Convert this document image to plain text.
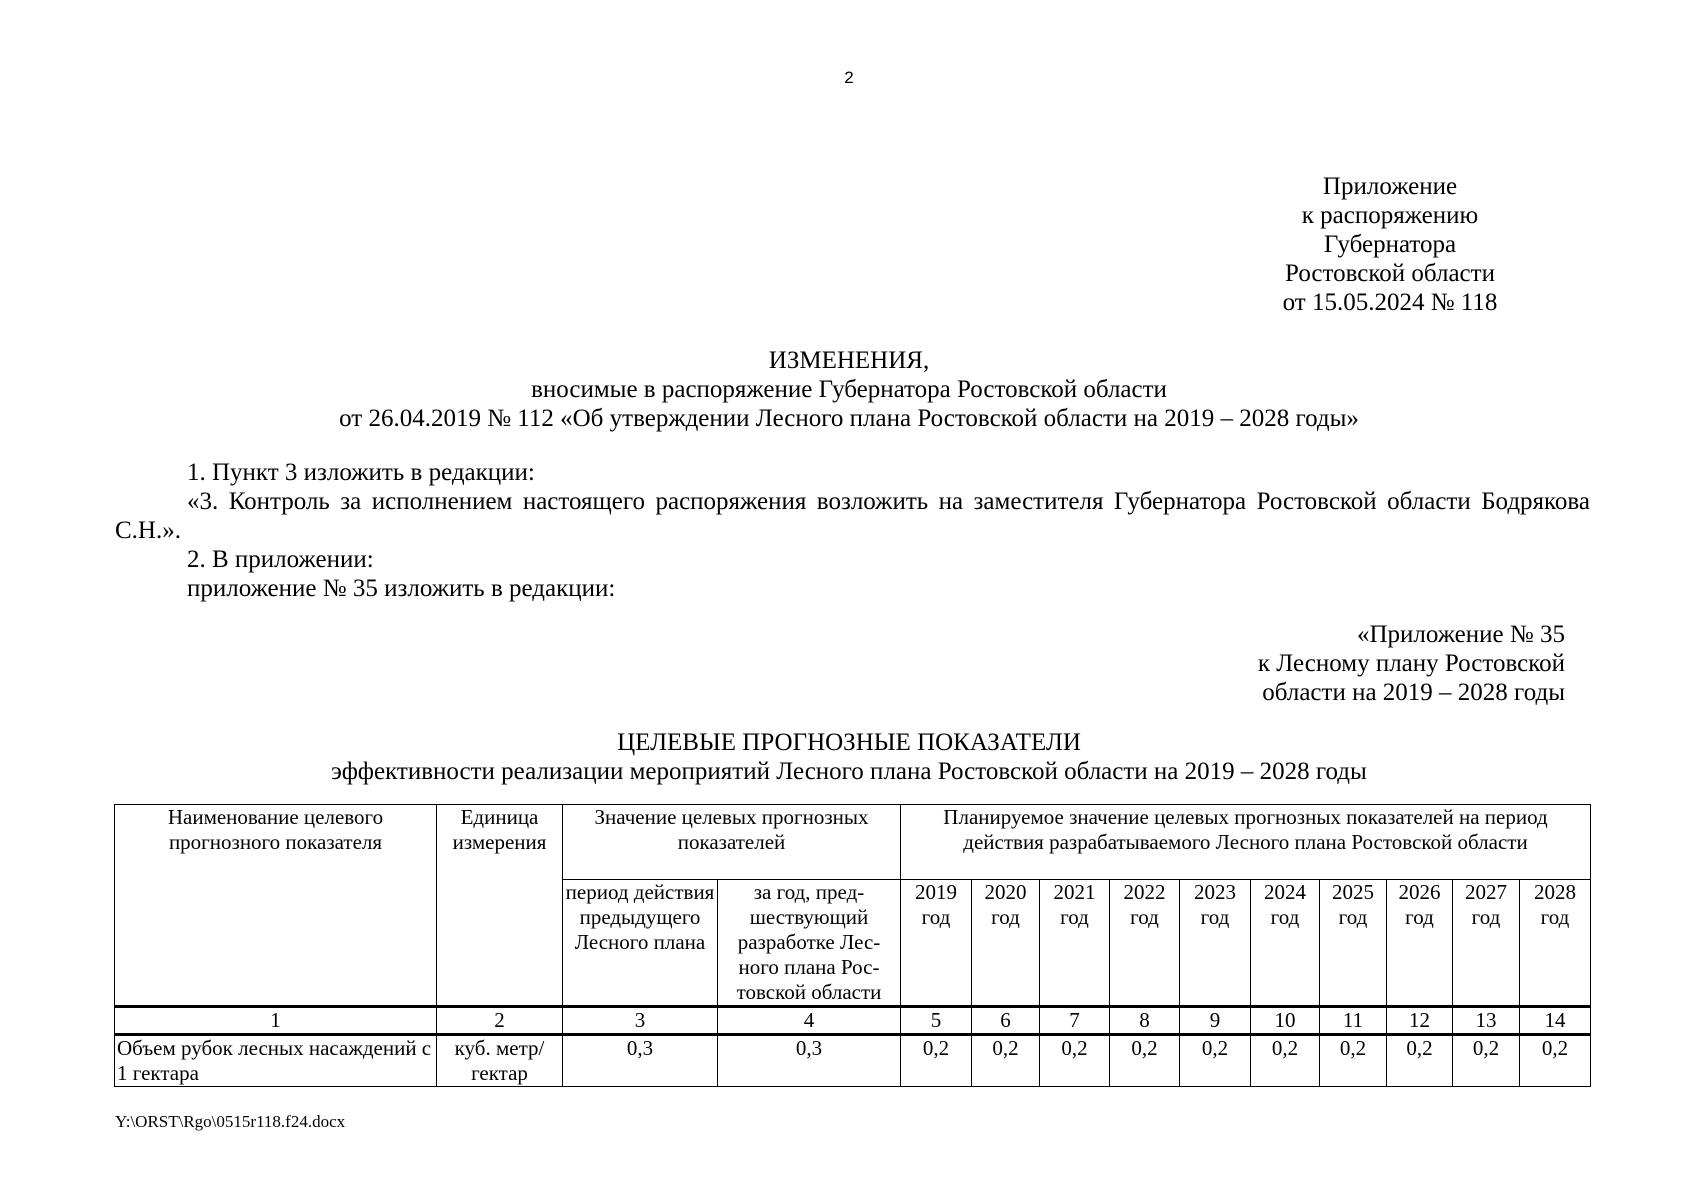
2
Приложение
к распоряжению
Губернатора
Ростовской области
от 15.05.2024 № 118
ИЗМЕНЕНИЯ,
вносимые в распоряжение Губернатора Ростовской области
от 26.04.2019 № 112 «Об утверждении Лесного плана Ростовской области на 2019 – 2028 годы»

1. Пункт 3 изложить в редакции:

«3. Контроль за исполнением настоящего распоряжения возложить на заместителя Губернатора Ростовской области Бодрякова С.Н.».

2. В приложении:

приложение № 35 изложить в редакции:

«Приложение № 35
к Лесному плану Ростовской
области на 2019 – 2028 годы
ЦЕЛЕВЫЕ ПРОГНОЗНЫЕ ПОКАЗАТЕЛИ
эффективности реализации мероприятий Лесного плана Ростовской области на 2019 – 2028 годы
Наименование целевого прогнозного показателя	Единица измерения	Значение целевых прогнозных показателей		Планируемое значение целевых прогнозных показателей на период действия разрабатываемого Лесного плана Ростовской области									
		период действия предыдущего Лесного плана	за год, пред-шествующий разработке Лес-ного плана Рос-товской области	2019 год	2020 год	2021 год	2022 год	2023 год	2024 год	2025 год	2026 год	2027 год	2028 год
1	2	3	4	5	6	7	8	9	10	11	12	13	14
Объем рубок лесных насаждений с 1 гектара	куб. метр/ гектар	0,3	0,3	0,2	0,2	0,2	0,2	0,2	0,2	0,2	0,2	0,2	0,2
Y:\ORST\Rgo\0515r118.f24.docx
